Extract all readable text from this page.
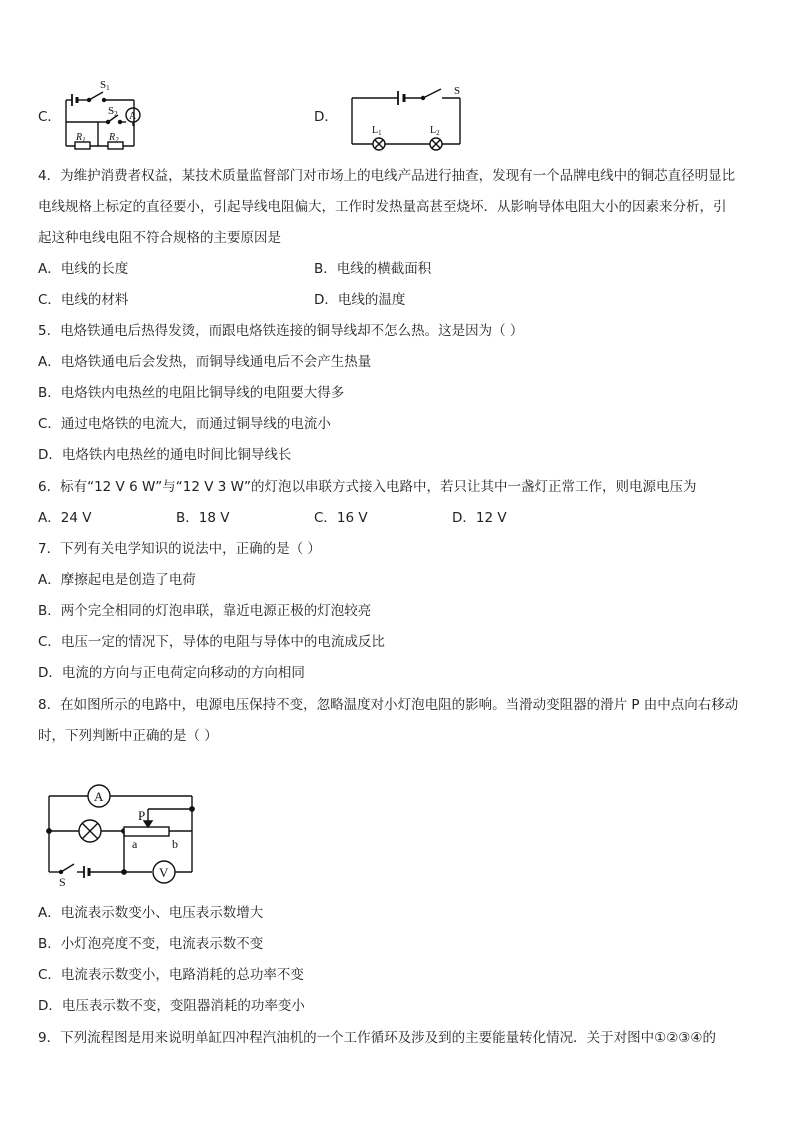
C．	D．
S1
S2 A
$R_1$ $R_2$
S
$L_1$	$L_2$
4．为维护消费者权益，某技术质量监督部门对市场上的电线产品进行抽查，发现有一个品牌电线中的铜芯直径明显比
电线规格上标定的直径要小，引起导线电阻偏大，工作时发热量高甚至烧坏．从影响导体电阻大小的因素来分析，引
起这种电线电阻不符合规格的主要原因是
A．电线的长度	B．电线的横截面积
C．电线的材料	D．电线的温度
5．电烙铁通电后热得发烫，而跟电烙铁连接的铜导线却不怎么热。这是因为（ ）
A．电烙铁通电后会发热，而铜导线通电后不会产生热量
B．电烙铁内电热丝的电阻比铜导线的电阻要大得多
C．通过电烙铁的电流大，而通过铜导线的电流小
D．电烙铁内电热丝的通电时间比铜导线长
6．标有“12 V 6 W”与“12 V 3 W”的灯泡以串联方式接入电路中，若只让其中一盏灯正常工作，则电源电压为
A．24 V	B．18 V	C．16 V	D．12 V
7．下列有关电学知识的说法中，正确的是（ ）
A．摩擦起电是创造了电荷
B．两个完全相同的灯泡串联，靠近电源正极的灯泡较亮
C．电压一定的情况下，导体的电阻与导体中的电流成反比
D．电流的方向与正电荷定向移动的方向相同
8．在如图所示的电路中，电源电压保持不变，忽略温度对小灯泡电阻的影响。当滑动变阻器的滑片 P 由中点向右移动
时，下列判断中正确的是（ ）
A
V
P
a	b
S
A．电流表示数变小、电压表示数增大
B．小灯泡亮度不变，电流表示数不变
C．电流表示数变小，电路消耗的总功率不变
D．电压表示数不变，变阻器消耗的功率变小
9．下列流程图是用来说明单缸四冲程汽油机的一个工作循环及涉及到的主要能量转化情况．关于对图中①②③④的
